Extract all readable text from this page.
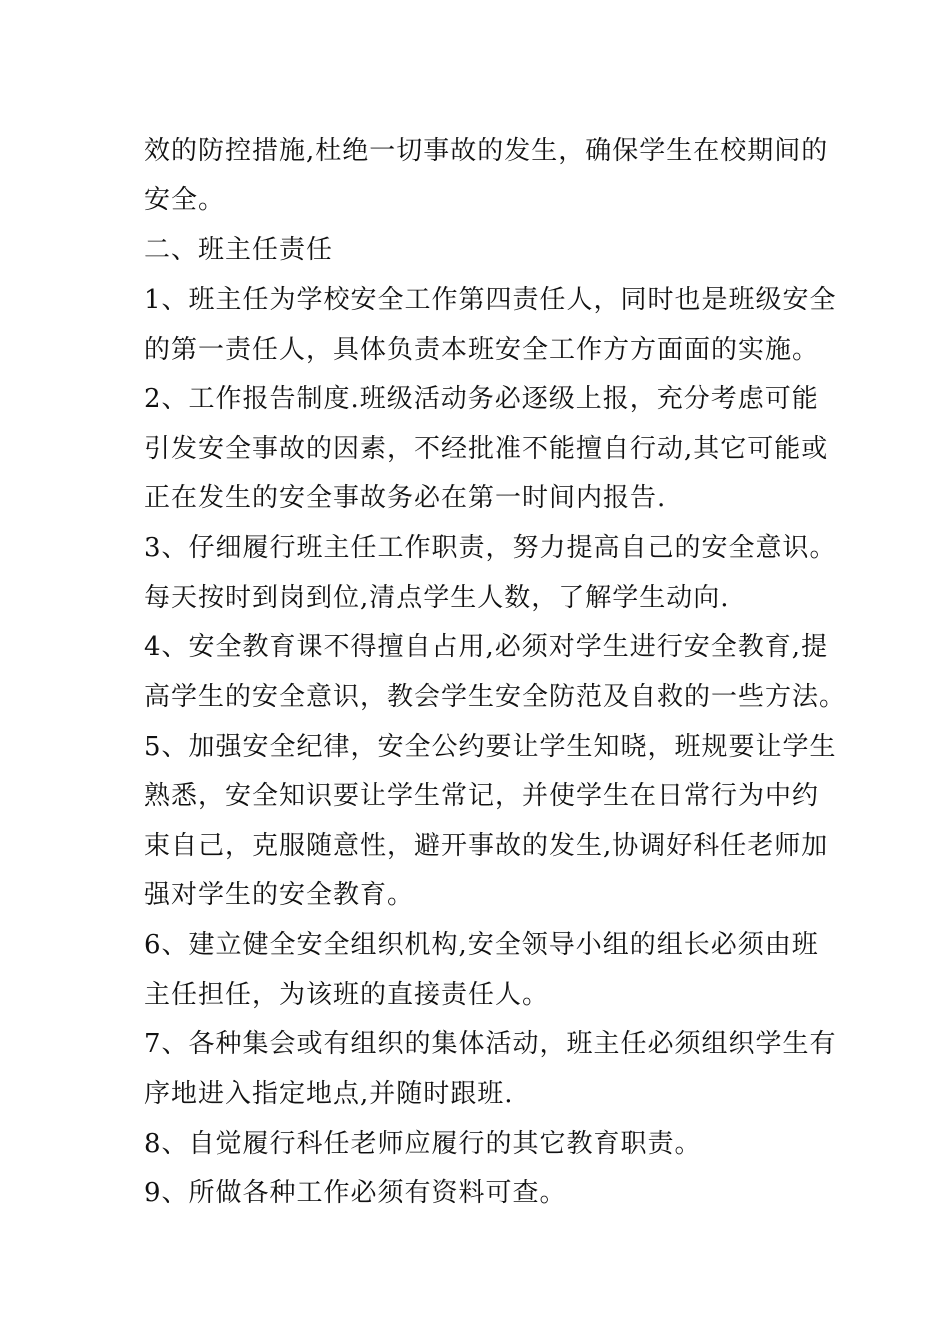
效的防控措施,杜绝一切事故的发生，确保学生在校期间的
安全。
二、班主任责任
1、班主任为学校安全工作第四责任人，同时也是班级安全
的第一责任人，具体负责本班安全工作方方面面的实施。
2、工作报告制度.班级活动务必逐级上报，充分考虑可能
引发安全事故的因素，不经批准不能擅自行动,其它可能或
正在发生的安全事故务必在第一时间内报告.
3、仔细履行班主任工作职责，努力提高自己的安全意识。
每天按时到岗到位,清点学生人数，了解学生动向.
4、安全教育课不得擅自占用,必须对学生进行安全教育,提
高学生的安全意识，教会学生安全防范及自救的一些方法。
5、加强安全纪律，安全公约要让学生知晓，班规要让学生
熟悉，安全知识要让学生常记，并使学生在日常行为中约
束自己，克服随意性，避开事故的发生,协调好科任老师加
强对学生的安全教育。
6、建立健全安全组织机构,安全领导小组的组长必须由班
主任担任，为该班的直接责任人。
7、各种集会或有组织的集体活动，班主任必须组织学生有
序地进入指定地点,并随时跟班.
8、自觉履行科任老师应履行的其它教育职责。
9、所做各种工作必须有资料可查。
